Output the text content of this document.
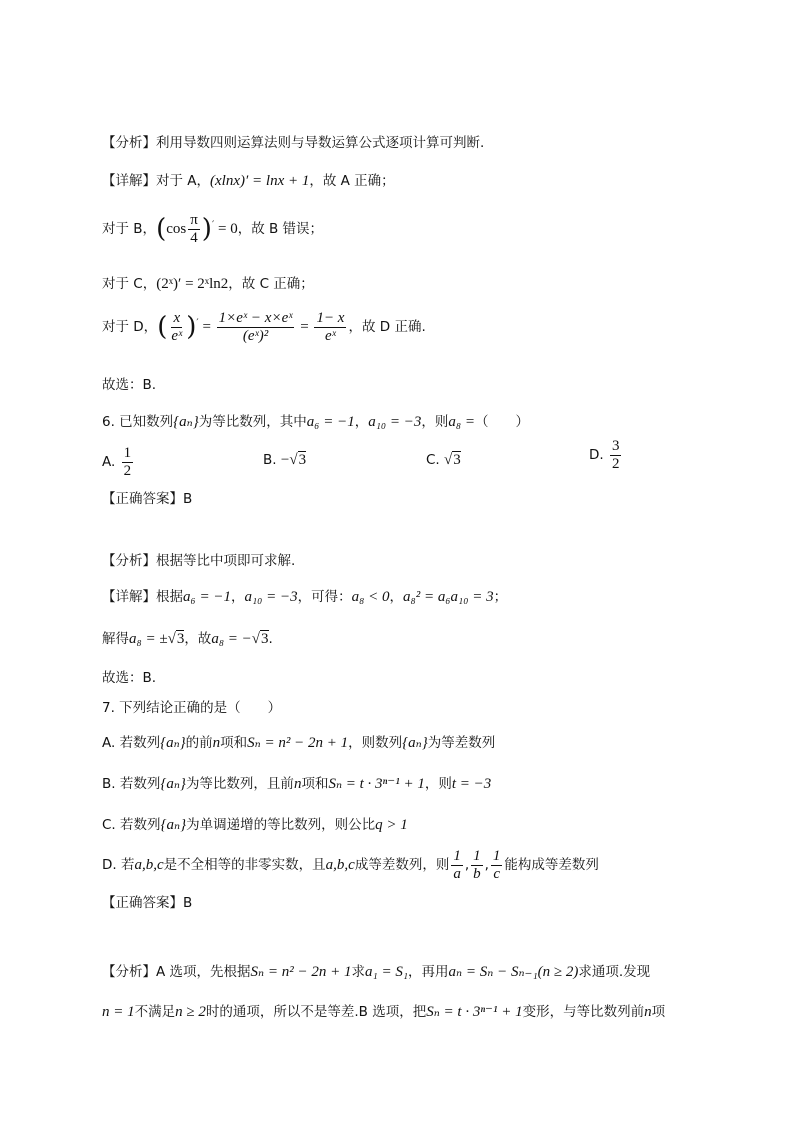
【分析】利用导数四则运算法则与导数运算公式逐项计算可判断.
【详解】对于 A，(xlnx)′ = lnx + 1，故 A 正确；
对于 B，$(\cos \frac{\pi}{4} )' = 0$，故 B 错误；
对于 C，(2ˣ)′ = 2ˣln2，故 C 正确；
对于 D，( $\frac{x}{\text{eˣ}} )' = \frac{\text{1×eˣ − x×eˣ}}{\text{(eˣ)²}} = \frac{1- x}{\text{eˣ}}$ ，故 D 正确.
故选：B.
6. 已知数列{aₙ}为等比数列，其中a₆ = −1，a₁₀ = −3，则a₈ =（　　）
A. $\frac{1}{2}$	B. −√3	C. √3	D. $\frac{3}{2}$
【正确答案】B
【分析】根据等比中项即可求解.
【详解】根据a₆ = −1，a₁₀ = −3，可得：a₈ < 0，a₈² = a₆a₁₀ = 3；
解得a₈ = ±√3，故a₈ = −√3.
故选：B.
7. 下列结论正确的是（　　）
A. 若数列{aₙ}的前n项和Sₙ = n² − 2n + 1，则数列{aₙ}为等差数列
B. 若数列{aₙ}为等比数列，且前n项和Sₙ = t · 3ⁿ⁻¹ + 1，则t = −3
C. 若数列{aₙ}为单调递增的等比数列，则公比q > 1
D. 若a,b,c是不全相等的非零实数，且a,b,c成等差数列，则 $\frac{1}{a}$ , $\frac{1}{b}$ , $\frac{1}{c}$ 能构成等差数列
【正确答案】B
【分析】A 选项，先根据Sₙ = n² − 2n + 1求a₁ = S₁，再用aₙ = Sₙ − Sₙ₋₁(n ≥ 2)求通项.发现
n = 1不满足n ≥ 2时的通项，所以不是等差.B 选项，把Sₙ = t · 3ⁿ⁻¹ + 1变形，与等比数列前n项
